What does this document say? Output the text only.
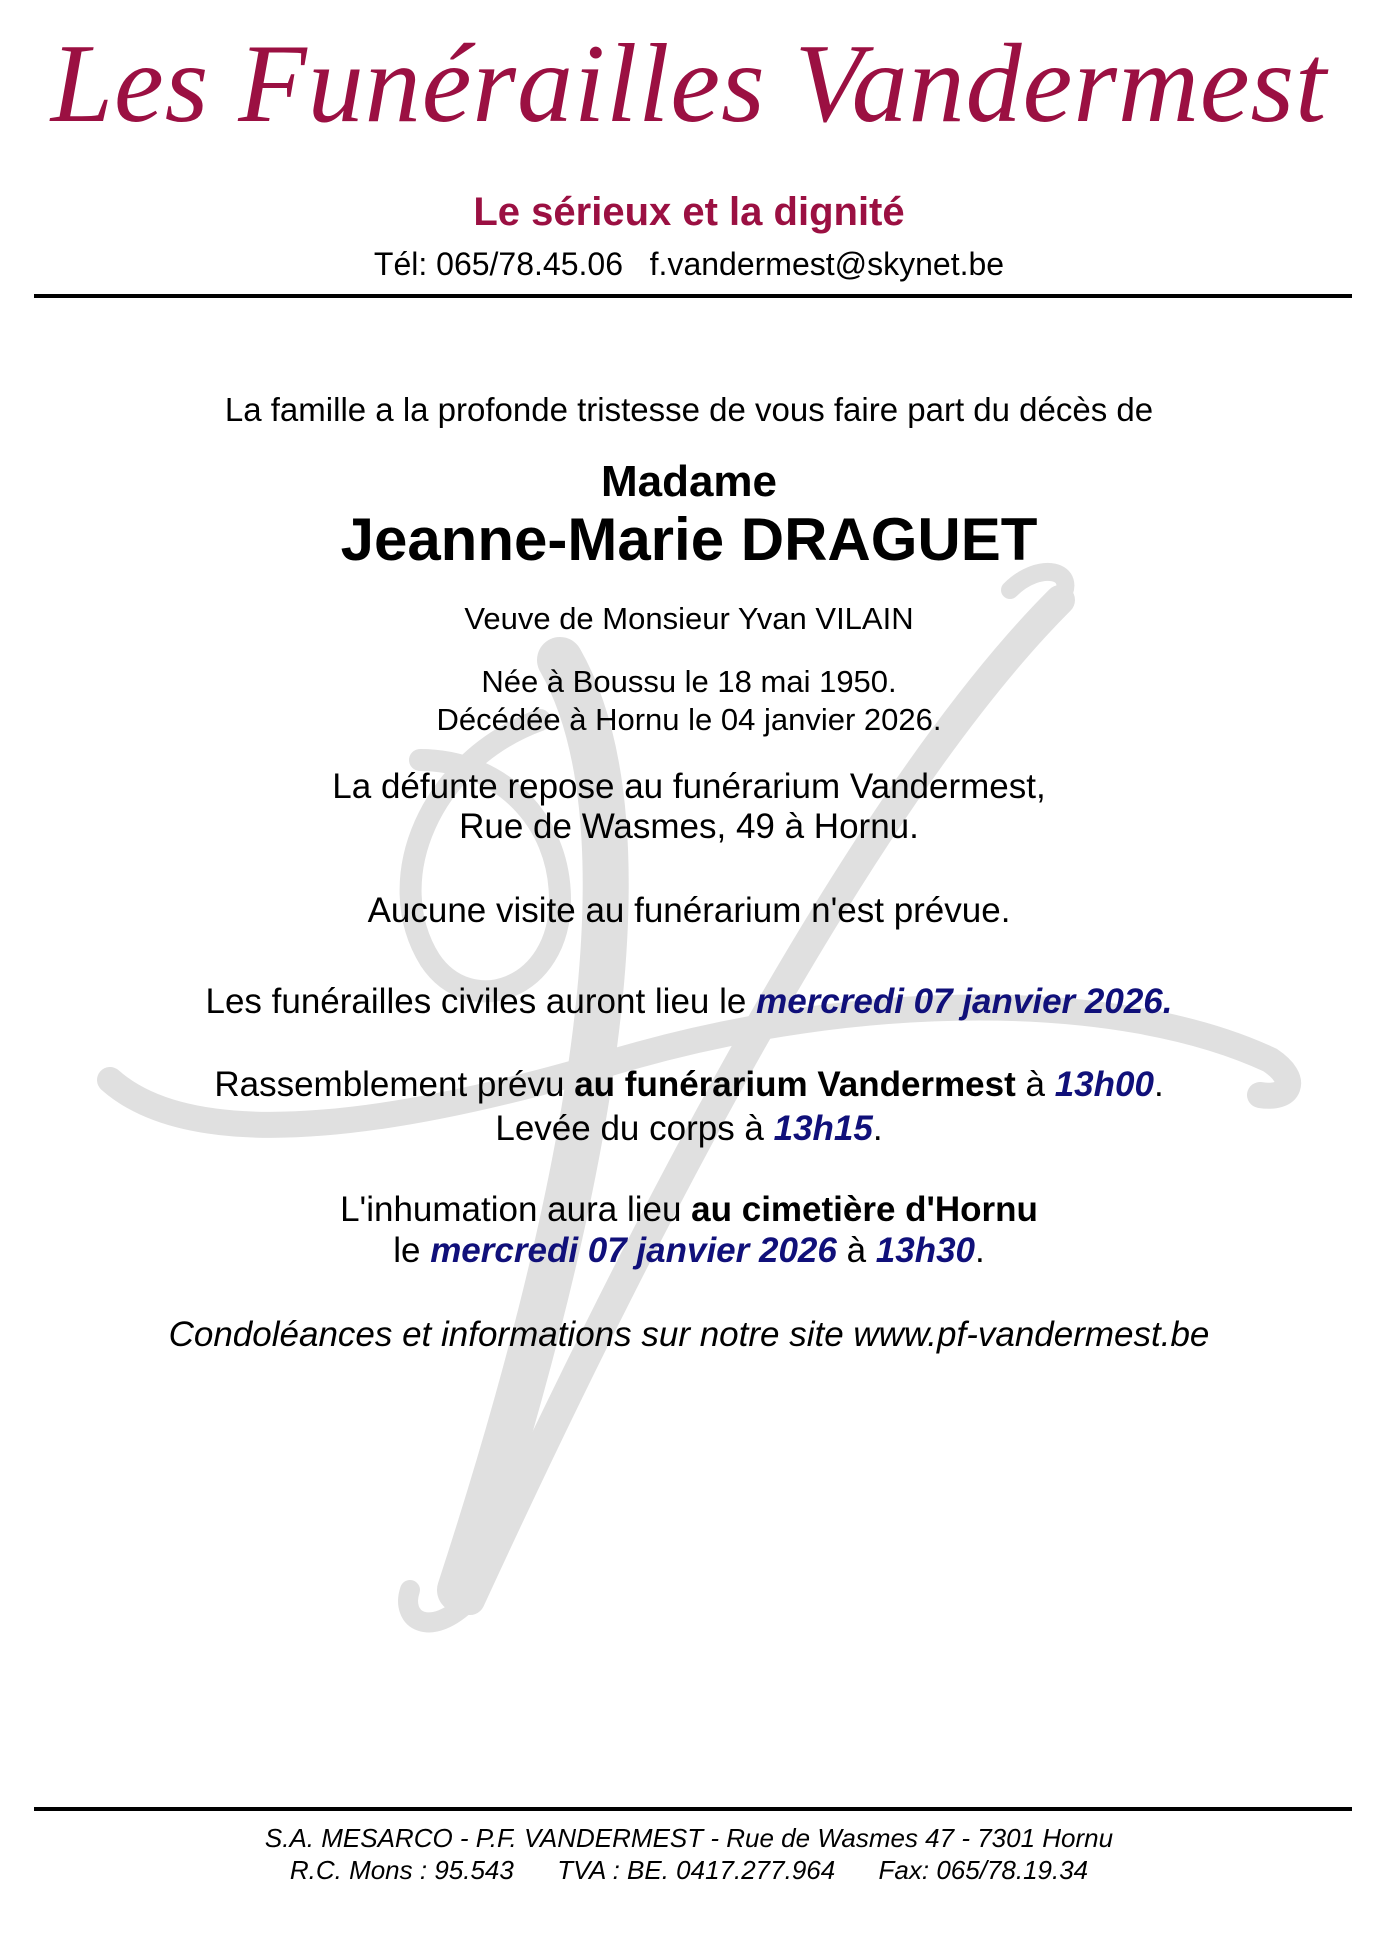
Les Funérailles Vandermest
Le sérieux et la dignité
Tél: 065/78.45.06 f.vandermest@skynet.be
La famille a la profonde tristesse de vous faire part du décès de
Madame
Jeanne-Marie DRAGUET
Veuve de Monsieur Yvan VILAIN
Née à Boussu le 18 mai 1950.
Décédée à Hornu le 04 janvier 2026.
La défunte repose au funérarium Vandermest,
Rue de Wasmes, 49 à Hornu.
Aucune visite au funérarium n'est prévue.
Les funérailles civiles auront lieu le mercredi 07 janvier 2026.
Rassemblement prévu au funérarium Vandermest à 13h00.
Levée du corps à 13h15.
L'inhumation aura lieu au cimetière d'Hornu
le mercredi 07 janvier 2026 à 13h30.
Condoléances et informations sur notre site www.pf-vandermest.be
S.A. MESARCO - P.F. VANDERMEST - Rue de Wasmes 47 - 7301 Hornu
R.C. Mons : 95.543 TVA : BE. 0417.277.964 Fax: 065/78.19.34
